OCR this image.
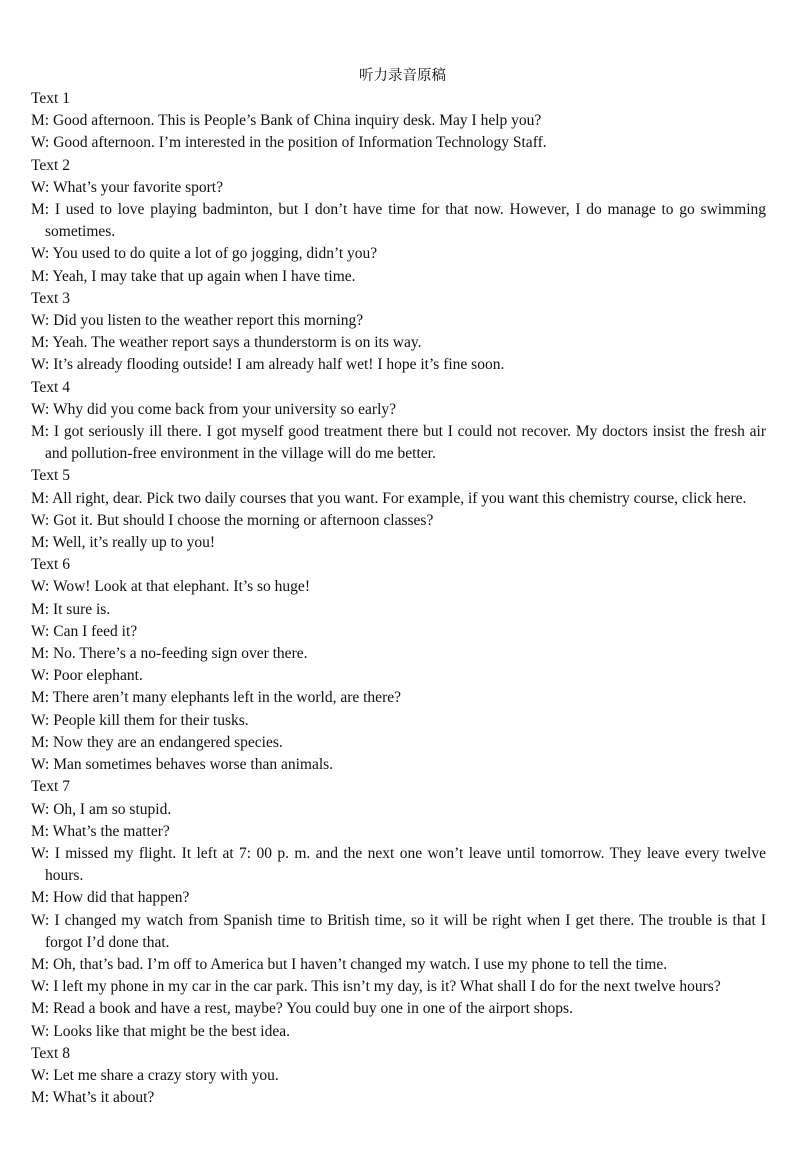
听力录音原稿

Text 1

M: Good afternoon. This is People’s Bank of China inquiry desk. May I help you?

W: Good afternoon. I’m interested in the position of Information Technology Staff.

Text 2

W: What’s your favorite sport?

M: I used to love playing badminton, but I don’t have time for that now. However, I do manage to go swimming sometimes.

W: You used to do quite a lot of go jogging, didn’t you?

M: Yeah, I may take that up again when I have time.

Text 3

W: Did you listen to the weather report this morning?

M: Yeah. The weather report says a thunderstorm is on its way.

W: It’s already flooding outside! I am already half wet! I hope it’s fine soon.

Text 4

W: Why did you come back from your university so early?

M: I got seriously ill there. I got myself good treatment there but I could not recover. My doctors insist the fresh air and pollution-free environment in the village will do me better.

Text 5

M: All right, dear. Pick two daily courses that you want. For example, if you want this chemistry course, click here.

W: Got it. But should I choose the morning or afternoon classes?

M: Well, it’s really up to you!

Text 6

W: Wow! Look at that elephant. It’s so huge!

M: It sure is.

W: Can I feed it?

M: No. There’s a no-feeding sign over there.

W: Poor elephant.

M: There aren’t many elephants left in the world, are there?

W: People kill them for their tusks.

M: Now they are an endangered species.

W: Man sometimes behaves worse than animals.

Text 7

W: Oh, I am so stupid.

M: What’s the matter?

W: I missed my flight. It left at 7: 00 p. m. and the next one won’t leave until tomorrow. They leave every twelve hours.

M: How did that happen?

W: I changed my watch from Spanish time to British time, so it will be right when I get there. The trouble is that I forgot I’d done that.

M: Oh, that’s bad. I’m off to America but I haven’t changed my watch. I use my phone to tell the time.

W: I left my phone in my car in the car park. This isn’t my day, is it? What shall I do for the next twelve hours?

M: Read a book and have a rest, maybe? You could buy one in one of the airport shops.

W: Looks like that might be the best idea.

Text 8

W: Let me share a crazy story with you.

M: What’s it about?
